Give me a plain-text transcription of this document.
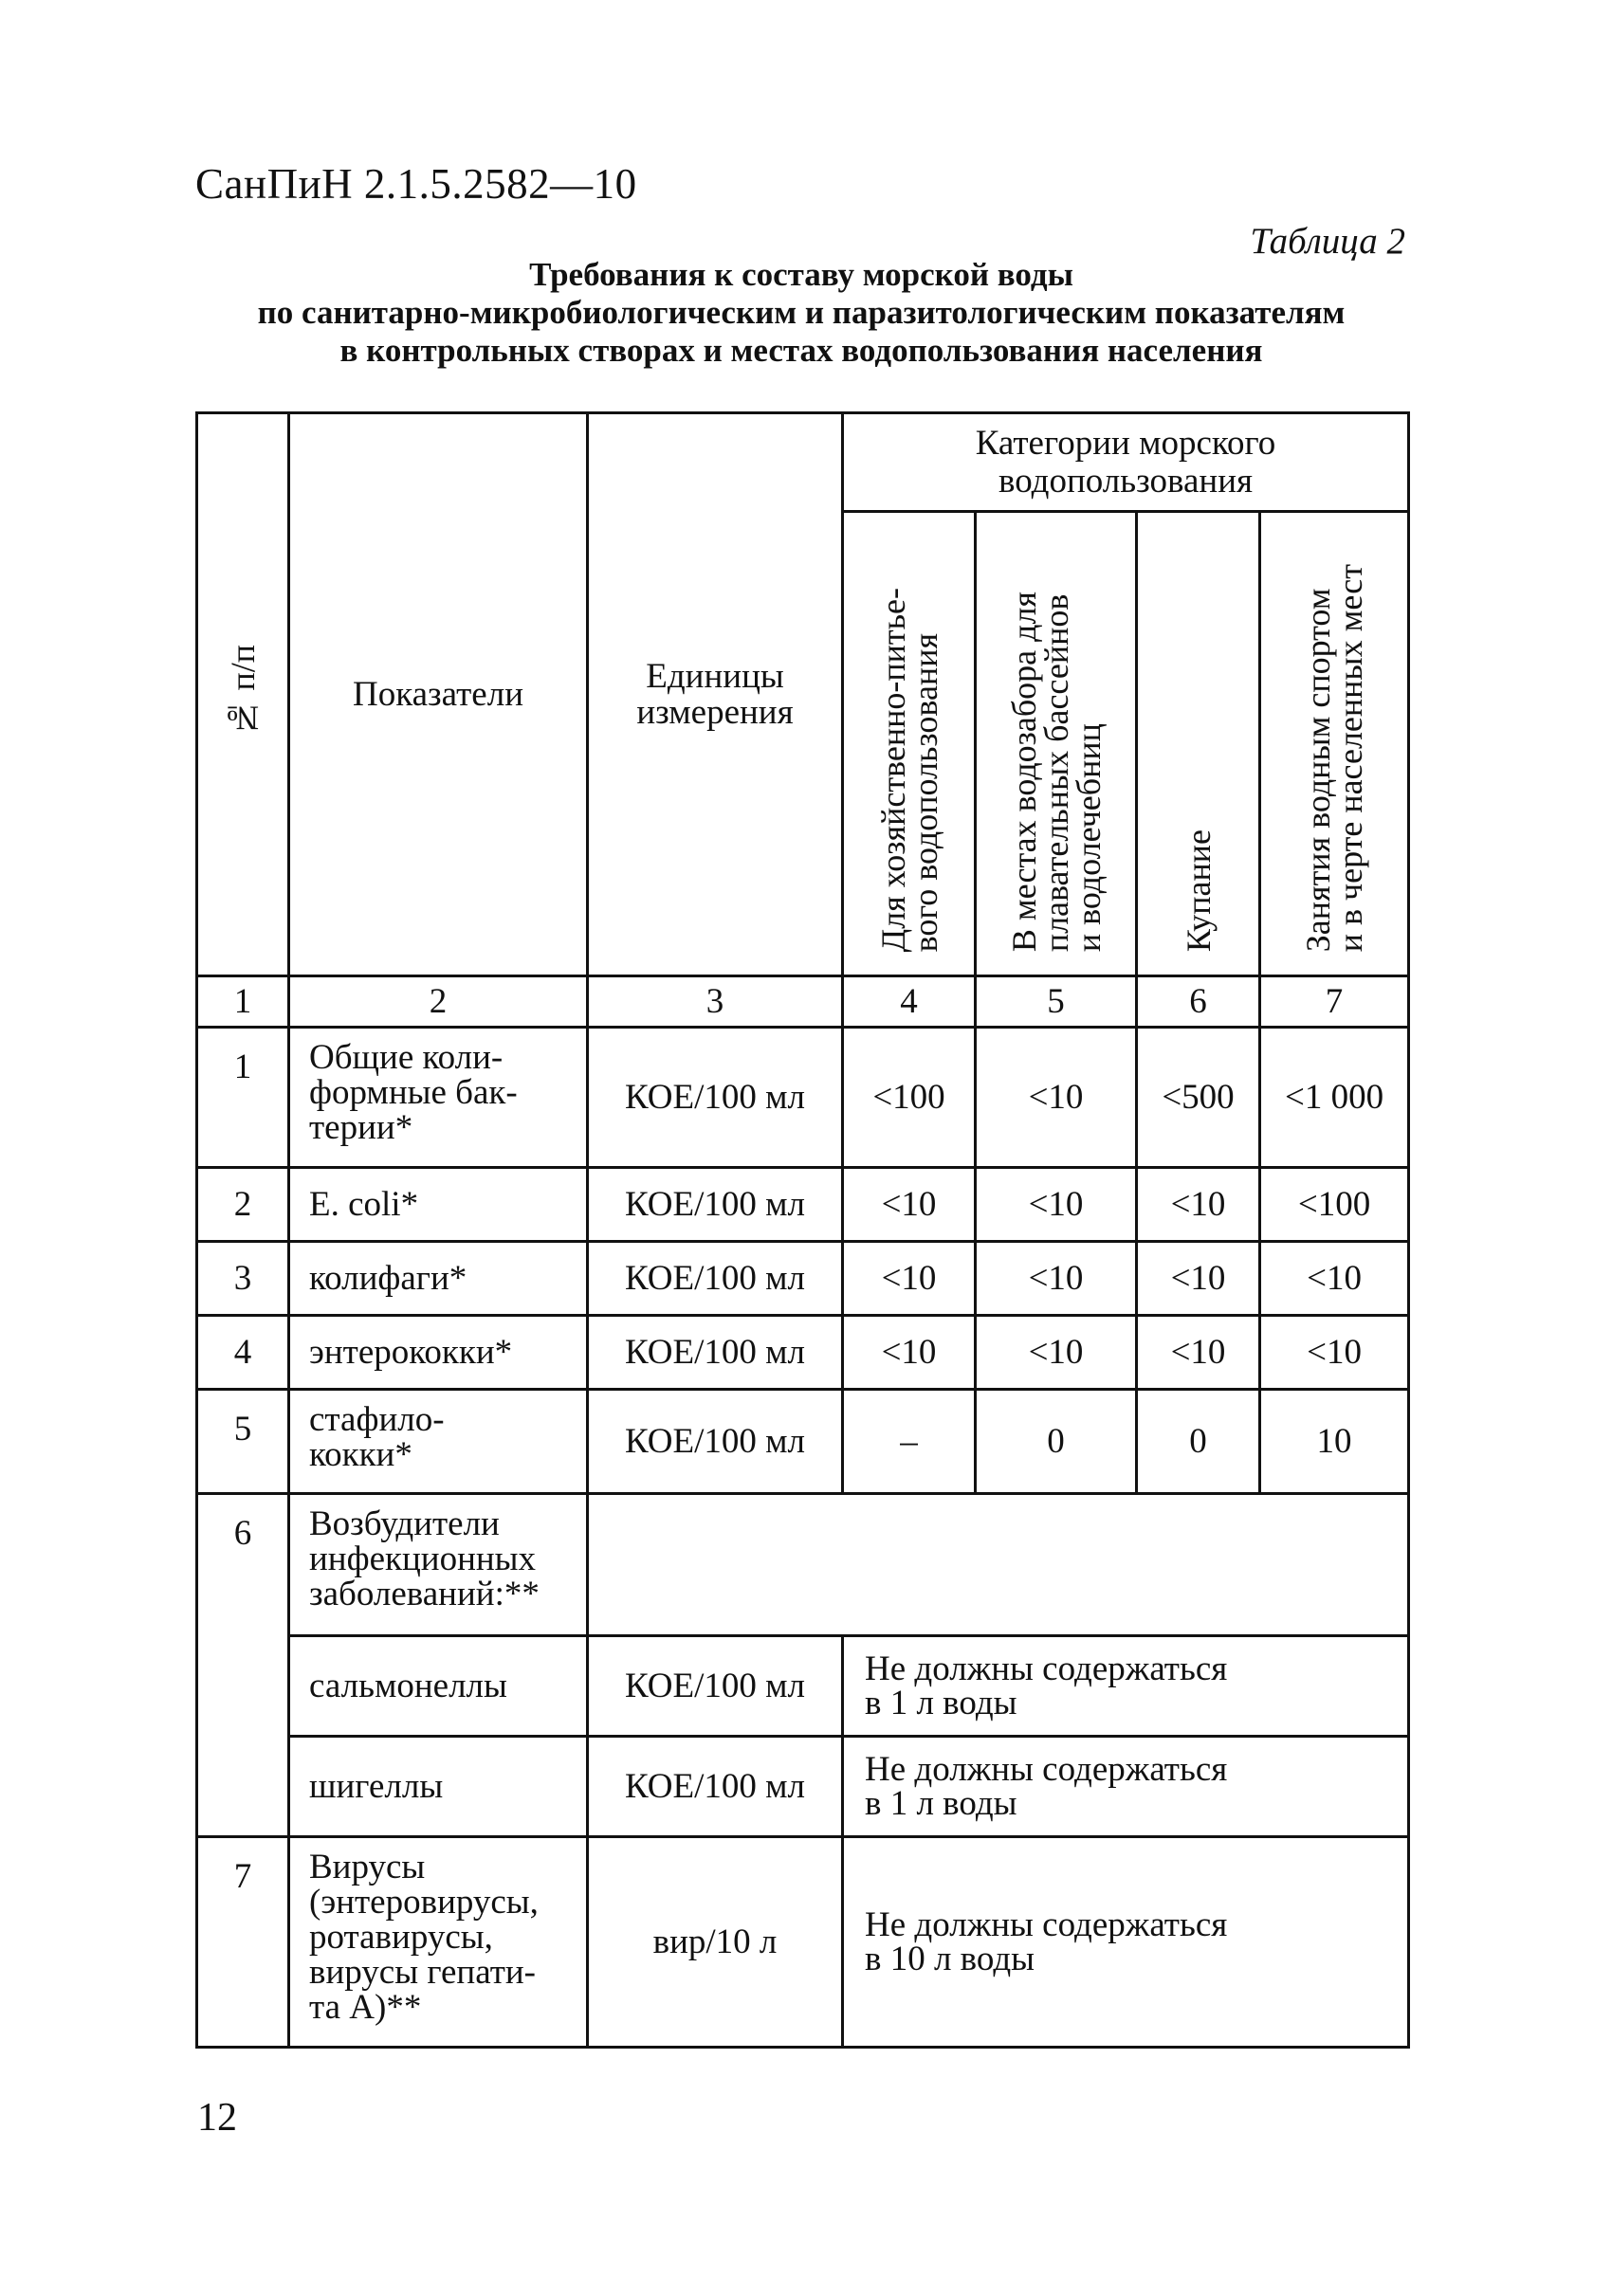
СанПиН 2.1.5.2582—10
Таблица 2
Требования к составу морской воды
по санитарно-микробиологическим и паразитологическим показателям
в контрольных створах и местах водопользования населения
№ п/п	Показатели	Единицы измерения	Категории морского водопользования			
			Для хозяйственно-питье-
вого водопользования	В местах водозабора для
плавательных бассейнов
и водолечебниц	Купание	Занятия водным спортом
и в черте населенных мест
1	2	3	4	5	6	7
1	Общие коли-
формные бак-
терии*	КОЕ/100 мл	<100	<10	<500	<1 000
2	E. coli*	КОЕ/100 мл	<10	<10	<10	<100
3	колифаги*	КОЕ/100 мл	<10	<10	<10	<10
4	энтерококки*	КОЕ/100 мл	<10	<10	<10	<10
5	стафило-
кокки*	КОЕ/100 мл	–	0	0	10
6	Возбудители
инфекционных
заболеваний:**					
	сальмонеллы	КОЕ/100 мл	Не должны содержаться
в 1 л воды			
	шигеллы	КОЕ/100 мл	Не должны содержаться
в 1 л воды			
7	Вирусы
(энтеровирусы,
ротавирусы,
вирусы гепати-
та А)**	вир/10 л	Не должны содержаться
в 10 л воды			
12
